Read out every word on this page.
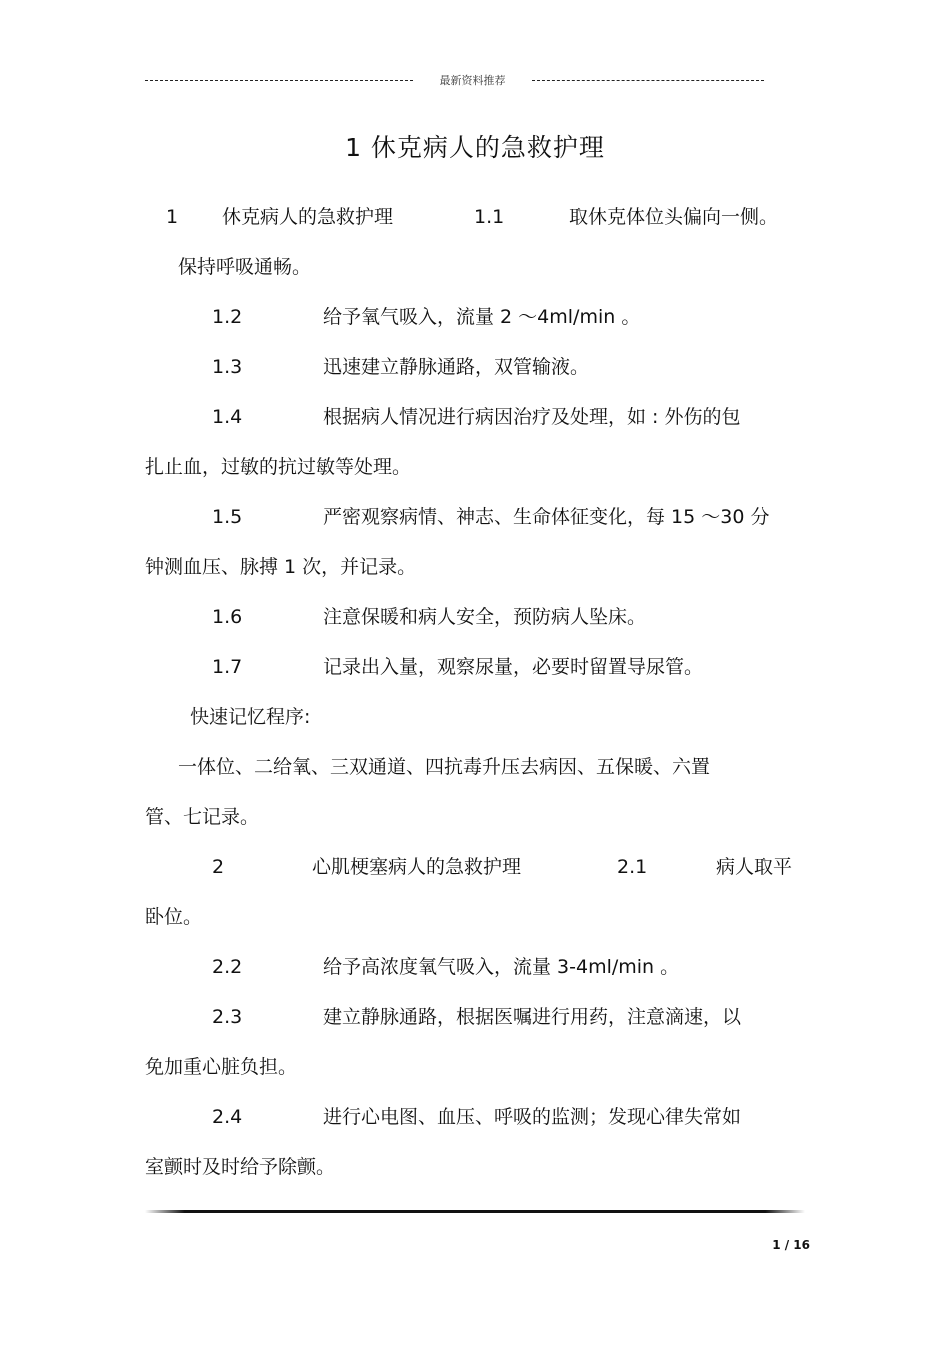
最新资料推荐
1 休克病人的急救护理
1 休克病人的急救护理	1.1	取休克体位头偏向一侧。
保持呼吸通畅。
1.2	给予氧气吸入，流量 2 ～4ml/min 。
1.3	迅速建立静脉通路，双管输液。
1.4	根据病人情况进行病因治疗及处理，如 : 外伤的包
扎止血，过敏的抗过敏等处理。
1.5	严密观察病情、神志、生命体征变化，每 15 ～30 分
钟测血压、脉搏 1 次，并记录。
1.6	注意保暖和病人安全，预防病人坠床。
1.7	记录出入量，观察尿量，必要时留置导尿管。
快速记忆程序:
一体位、二给氧、三双通道、四抗毒升压去病因、五保暖、六置
管、七记录。
2	心肌梗塞病人的急救护理	2.1	病人取平
卧位。
2.2	给予高浓度氧气吸入，流量 3-4ml/min 。
2.3	建立静脉通路，根据医嘱进行用药，注意滴速，以
免加重心脏负担。
2.4	进行心电图、血压、呼吸的监测；发现心律失常如
室颤时及时给予除颤。
1 / 16
